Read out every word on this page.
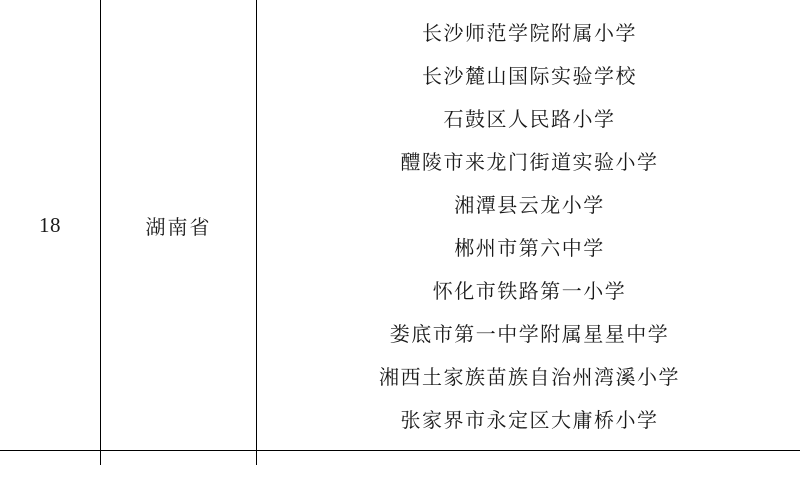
18	湖南省	
长沙师范学院附属小学
长沙麓山国际实验学校
石鼓区人民路小学
醴陵市来龙门街道实验小学
湘潭县云龙小学
郴州市第六中学
怀化市铁路第一小学
娄底市第一中学附属星星中学
湘西土家族苗族自治州湾溪小学
张家界市永定区大庸桥小学
